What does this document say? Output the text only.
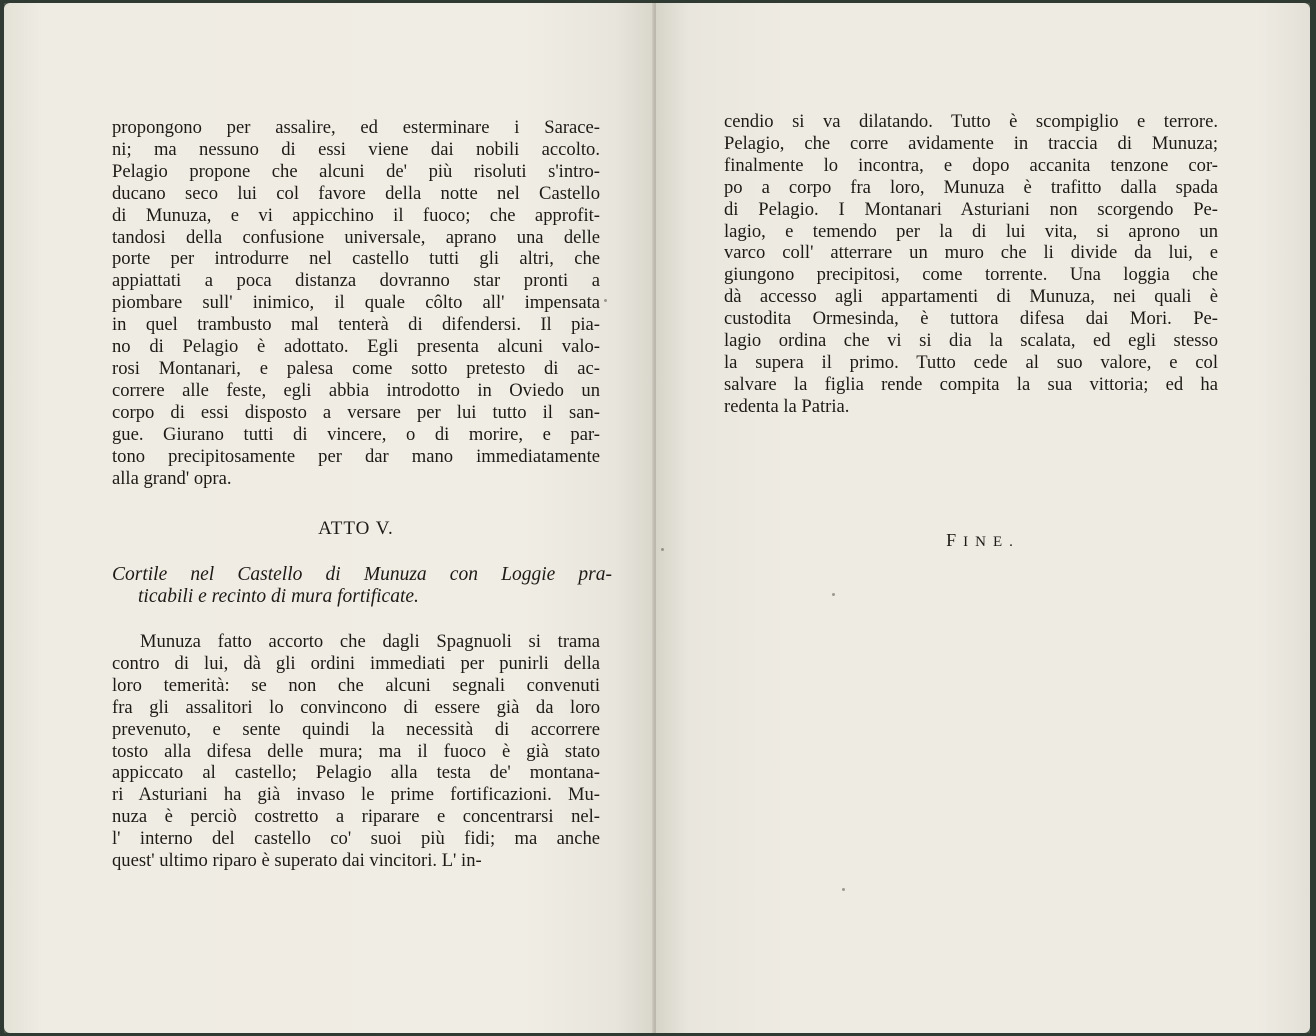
propongono per assalire, ed esterminare i Sarace-
ni; ma nessuno di essi viene dai nobili accolto.
Pelagio propone che alcuni de' più risoluti s'intro-
ducano seco lui col favore della notte nel Castello
di Munuza, e vi appicchino il fuoco; che approfit-
tandosi della confusione universale, aprano una delle
porte per introdurre nel castello tutti gli altri, che
appiattati a poca distanza dovranno star pronti a
piombare sull' inimico, il quale côlto all' impensata
in quel trambusto mal tenterà di difendersi. Il pia-
no di Pelagio è adottato. Egli presenta alcuni valo-
rosi Montanari, e palesa come sotto pretesto di ac-
correre alle feste, egli abbia introdotto in Oviedo un
corpo di essi disposto a versare per lui tutto il san-
gue. Giurano tutti di vincere, o di morire, e par-
tono precipitosamente per dar mano immediatamente
alla grand' opra.
ATTO V.
Cortile nel Castello di Munuza con Loggie pra-
ticabili e recinto di mura fortificate.
Munuza fatto accorto che dagli Spagnuoli si trama
contro di lui, dà gli ordini immediati per punirli della
loro temerità: se non che alcuni segnali convenuti
fra gli assalitori lo convincono di essere già da loro
prevenuto, e sente quindi la necessità di accorrere
tosto alla difesa delle mura; ma il fuoco è già stato
appiccato al castello; Pelagio alla testa de' montana-
ri Asturiani ha già invaso le prime fortificazioni. Mu-
nuza è perciò costretto a riparare e concentrarsi nel-
l' interno del castello co' suoi più fidi; ma anche
quest' ultimo riparo è superato dai vincitori. L' in-
cendio si va dilatando. Tutto è scompiglio e terrore.
Pelagio, che corre avidamente in traccia di Munuza;
finalmente lo incontra, e dopo accanita tenzone cor-
po a corpo fra loro, Munuza è trafitto dalla spada
di Pelagio. I Montanari Asturiani non scorgendo Pe-
lagio, e temendo per la di lui vita, si aprono un
varco coll' atterrare un muro che li divide da lui, e
giungono precipitosi, come torrente. Una loggia che
dà accesso agli appartamenti di Munuza, nei quali è
custodita Ormesinda, è tuttora difesa dai Mori. Pe-
lagio ordina che vi si dia la scalata, ed egli stesso
la supera il primo. Tutto cede al suo valore, e col
salvare la figlia rende compita la sua vittoria; ed ha
redenta la Patria.
FINE.
